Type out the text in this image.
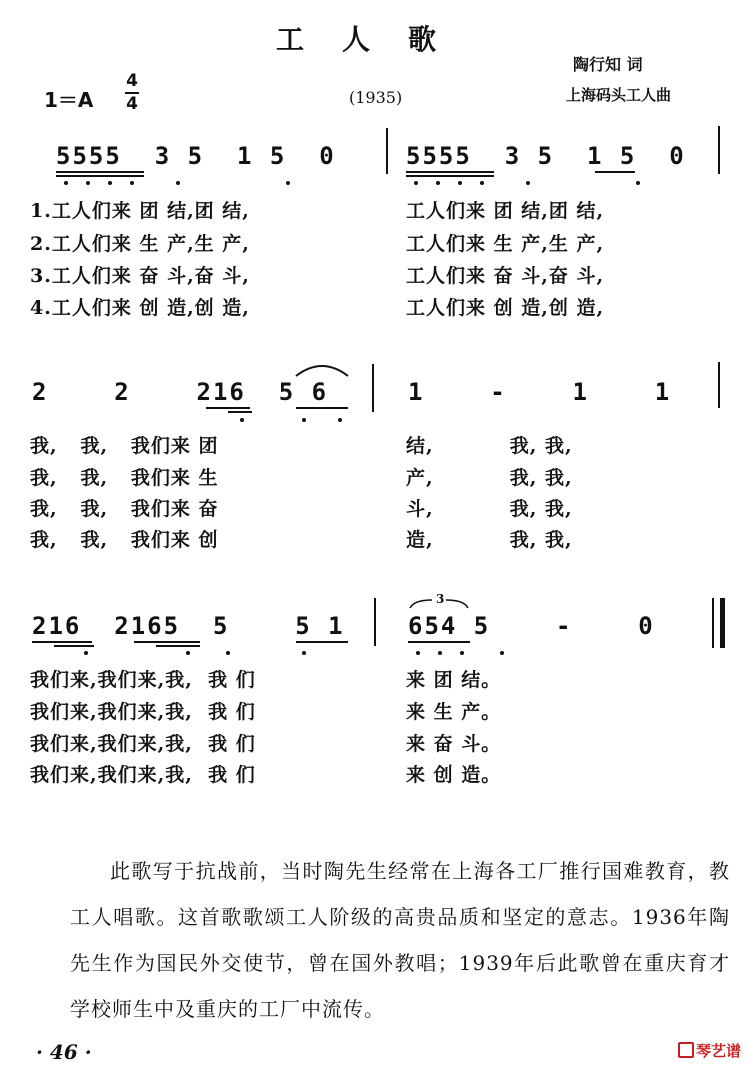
工人歌
陶行知 词
上海码头工人曲
1＝A
4
4	(1935)
5555  3 5  1 5  0	5555  3 5  1 5  0
1.工人们来 团 结,团 结,	工人们来 团 结,团 结,
2.工人们来 生 产,生 产,	工人们来 生 产,生 产,
3.工人们来 奋 斗,奋 斗,	工人们来 奋 斗,奋 斗,
4.工人们来 创 造,创 造,	工人们来 创 造,创 造,
2    2    216  5 6	1    -    1    1
我,   我,   我们来 团	结,          我, 我,
我,   我,   我们来 生	产,          我, 我,
我,   我,   我们来 奋	斗,          我, 我,
我,   我,   我们来 创	造,          我, 我,
216  2165  5    5 1	654 5    -    0
3
我们来,我们来,我,  我 们	来 团 结。
我们来,我们来,我,  我 们	来 生 产。
我们来,我们来,我,  我 们	来 奋 斗。
我们来,我们来,我,  我 们	来 创 造。

此歌写于抗战前，当时陶先生经常在上海各工厂推行国难教育，教工人唱歌。这首歌歌颂工人阶级的高贵品质和坚定的意志。1936年陶先生作为国民外交使节，曾在国外教唱；1939年后此歌曾在重庆育才学校师生中及重庆的工厂中流传。

· 46 ·	琴艺谱
